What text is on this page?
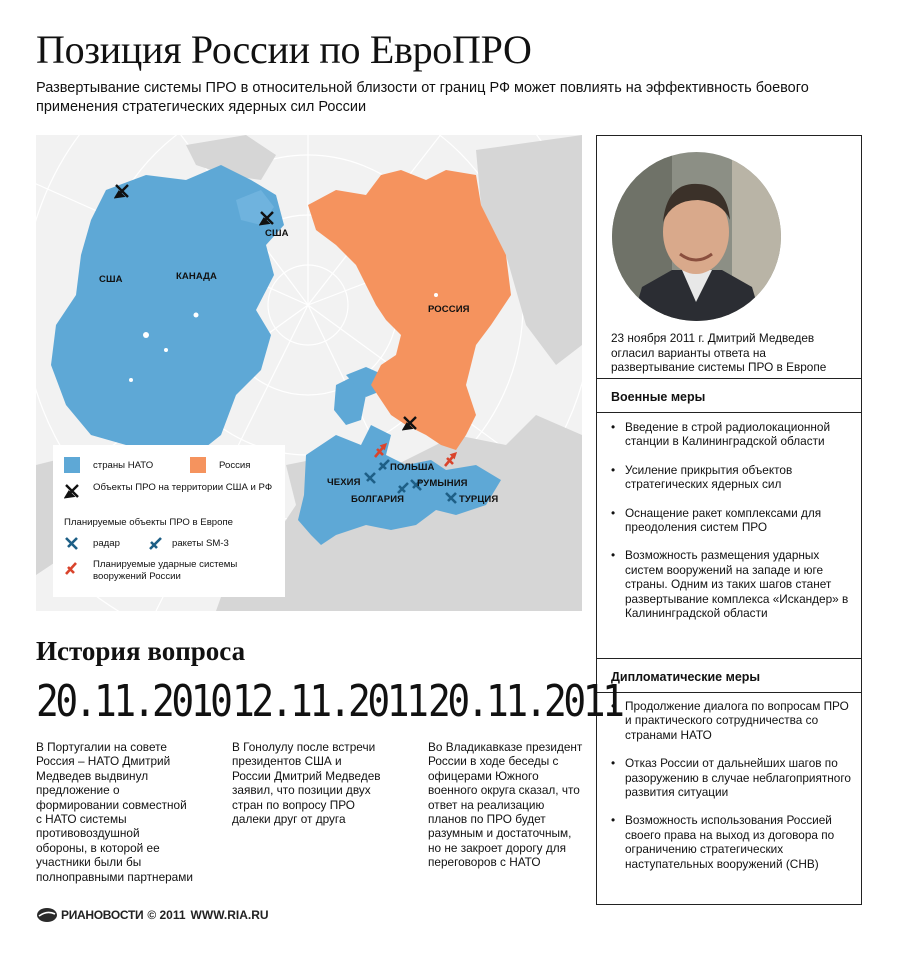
Позиция России по ЕвроПРО

Развертывание системы ПРО в относительной близости от границ РФ может повлиять на эффективность боевого применения стратегических ядерных сил России

США	КАНАДА
США
РОССИЯ
ЧЕХИЯ
ПОЛЬША
РУМЫНИЯ
БОЛГАРИЯ	ТУРЦИЯ
страны НАТО	Россия
Объекты ПРО на территории США и РФ
Планируемые объекты ПРО в Европе
радар	ракеты SM-3
Планируемые ударные системы вооружений России

23 ноября 2011 г. Дмитрий Медведев огласил варианты ответа на развертывание системы ПРО в Европе

Военные меры
• Введение в строй радиолокационной станции в Калининградской области
• Усиление прикрытия объектов стратегических ядерных сил
• Оснащение ракет комплексами для преодоления систем ПРО
• Возможность размещения ударных систем вооружений на западе и юге страны. Одним из таких шагов станет развертывание комплекса «Искандер» в Калининградской области
Дипломатические меры
• Продолжение диалога по вопросам ПРО и практического сотрудничества со странами НАТО
• Отказ России от дальнейших шагов по разоружению в случае неблагоприятного развития ситуации
• Возможность использования Россией своего права на выход из договора по ограничению стратегических наступательных вооружений (СНВ)
История вопроса
20.11.2010

В Португалии на совете Россия – НАТО Дмитрий Медведев выдвинул предложение о формировании совместной с НАТО системы противовоздушной обороны, в которой ее участники были бы полноправными партнерами

12.11.2011

В Гонолулу после встречи президентов США и России Дмитрий Медведев заявил, что позиции двух стран по вопросу ПРО далеки друг от друга

20.11.2011

Во Владикавказе президент России в ходе беседы с офицерами Южного военного округа сказал, что ответ на реализацию планов по ПРО будет разумным и достаточным, но не закроет дорогу для переговоров с НАТО

РИАНОВОСТИ © 2011 WWW.RIA.RU
